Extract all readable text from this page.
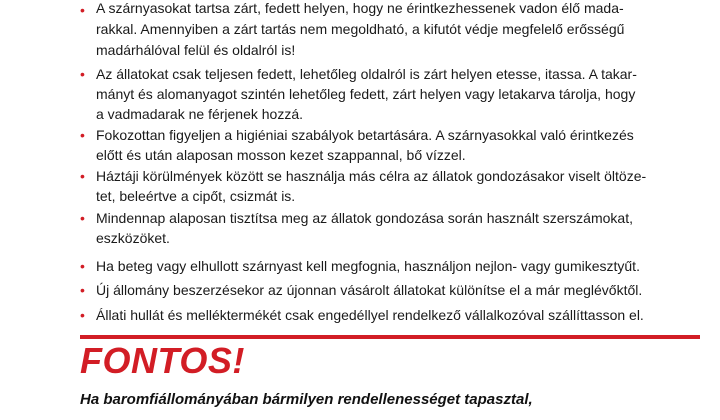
• A szárnyasokat tartsa zárt, fedett helyen, hogy ne érintkezhessenek vadon élő mada-
rakkal. Amennyiben a zárt tartás nem megoldható, a kifutót védje megfelelő erősségű
madárhálóval felül és oldalról is!
• Az állatokat csak teljesen fedett, lehetőleg oldalról is zárt helyen etesse, itassa. A takar-
mányt és alomanyagot szintén lehetőleg fedett, zárt helyen vagy letakarva tárolja, hogy
a vadmadarak ne férjenek hozzá.
• Fokozottan figyeljen a higiéniai szabályok betartására. A szárnyasokkal való érintkezés
előtt és után alaposan mosson kezet szappannal, bő vízzel.
• Háztáji körülmények között se használja más célra az állatok gondozásakor viselt öltöze-
tet, beleértve a cipőt, csizmát is.
• Mindennap alaposan tisztítsa meg az állatok gondozása során használt szerszámokat,
eszközöket.
• Ha beteg vagy elhullott szárnyast kell megfognia, használjon nejlon- vagy gumikesztyűt.
• Új állomány beszerzésekor az újonnan vásárolt állatokat különítse el a már meglévőktől.
• Állati hullát és melléktermékét csak engedéllyel rendelkező vállalkozóval szállíttasson el.
FONTOS!
Ha baromfiállományában bármilyen rendellenességet tapasztal,
